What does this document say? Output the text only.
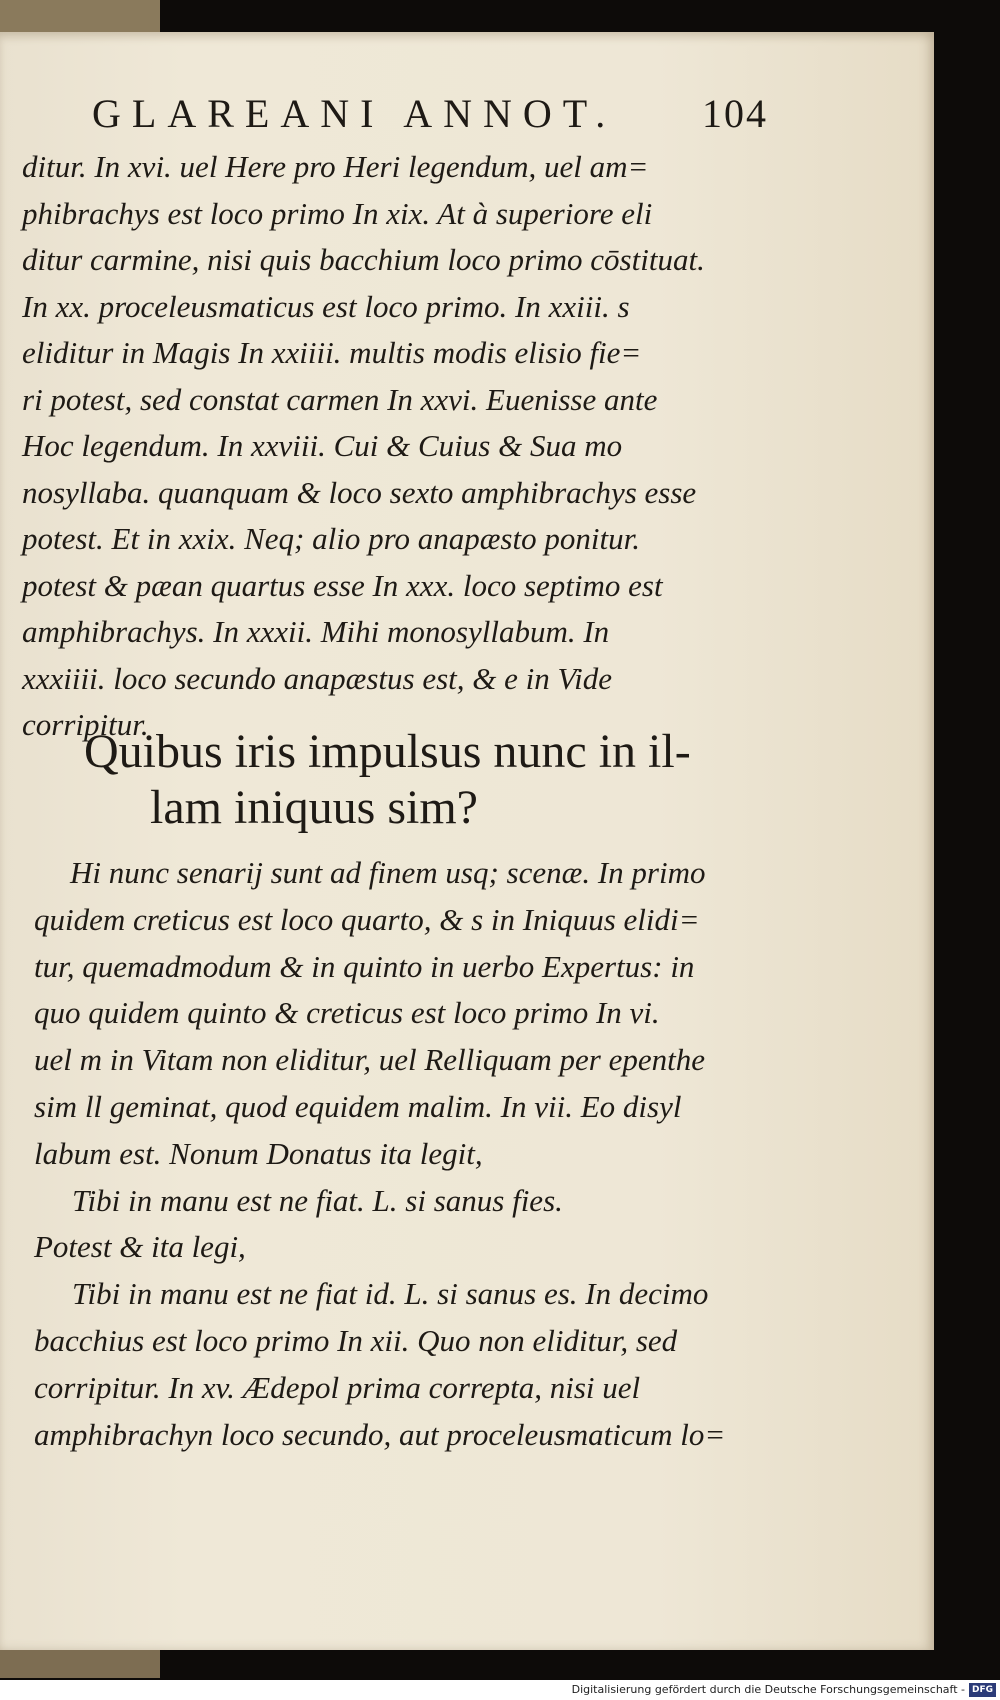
GLAREANI ANNOT. 104
ditur. In xvi. uel Here pro Heri legendum, uel am=
phibrachys est loco primo In xix. At à superiore eli
ditur carmine, nisi quis bacchium loco primo cōstituat.
In xx. proceleusmaticus est loco primo. In xxiii. s
eliditur in Magis In xxiiii. multis modis elisio fie=
ri potest, sed constat carmen In xxvi. Euenisse ante
Hoc legendum. In xxviii. Cui & Cuius & Sua mo
nosyllaba. quanquam & loco sexto amphibrachys esse
potest. Et in xxix. Neq; alio pro anapæsto ponitur.
potest & pæan quartus esse In xxx. loco septimo est
amphibrachys. In xxxii. Mihi monosyllabum. In
xxxiiii. loco secundo anapæstus est, & e in Vide
corripitur.
Quibus iris impulsus nunc in il-
lam iniquus sim?
Hi nunc senarij sunt ad finem usq; scenæ. In primo
quidem creticus est loco quarto, & s in Iniquus elidi=
tur, quemadmodum & in quinto in uerbo Expertus: in
quo quidem quinto & creticus est loco primo In vi.
uel m in Vitam non eliditur, uel Relliquam per epenthe
sim ll geminat, quod equidem malim. In vii. Eo disyl
labum est. Nonum Donatus ita legit,
Tibi in manu est ne fiat. L. si sanus fies.
Potest & ita legi,
Tibi in manu est ne fiat id. L. si sanus es. In decimo
bacchius est loco primo In xii. Quo non eliditur, sed
corripitur. In xv. Ædepol prima correpta, nisi uel
amphibrachyn loco secundo, aut proceleusmaticum lo=
Digitalisierung gefördert durch die Deutsche Forschungsgemeinschaft - DFG
